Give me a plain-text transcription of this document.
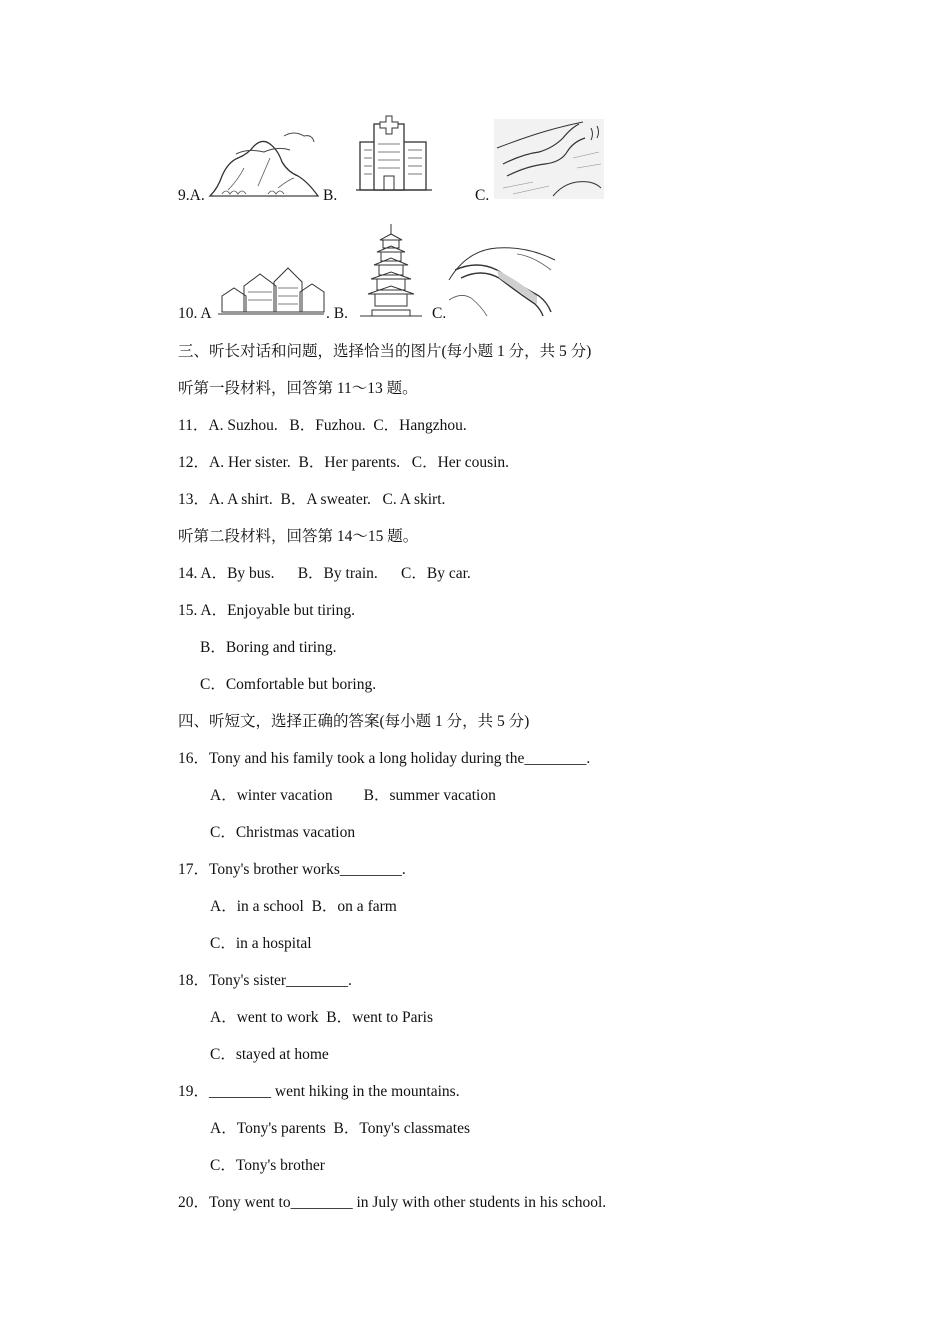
9.A.	B.	C.
10. A	. B.	C.
三、听长对话和问题，选择恰当的图片(每小题 1 分，共 5 分)
听第一段材料，回答第 11～13 题。
11．A. Suzhou.   B．Fuzhou.  C．Hangzhou.
12．A. Her sister.  B．Her parents.   C．Her cousin.
13．A. A shirt.  B．A sweater.   C. A skirt.
听第二段材料，回答第 14～15 题。
14. A．By bus.      B．By train.      C．By car.
15. A．Enjoyable but tiring.
B．Boring and tiring.
C．Comfortable but boring.
四、听短文，选择正确的答案(每小题 1 分，共 5 分)
16．Tony and his family took a long holiday during the________.
A．winter vacation        B．summer vacation
C．Christmas vacation
17．Tony's brother works________.
A．in a school  B．on a farm
C．in a hospital
18．Tony's sister________.
A．went to work  B．went to Paris
C．stayed at home
19．________ went hiking in the mountains.
A．Tony's parents  B．Tony's classmates
C．Tony's brother
20．Tony went to________ in July with other students in his school.
